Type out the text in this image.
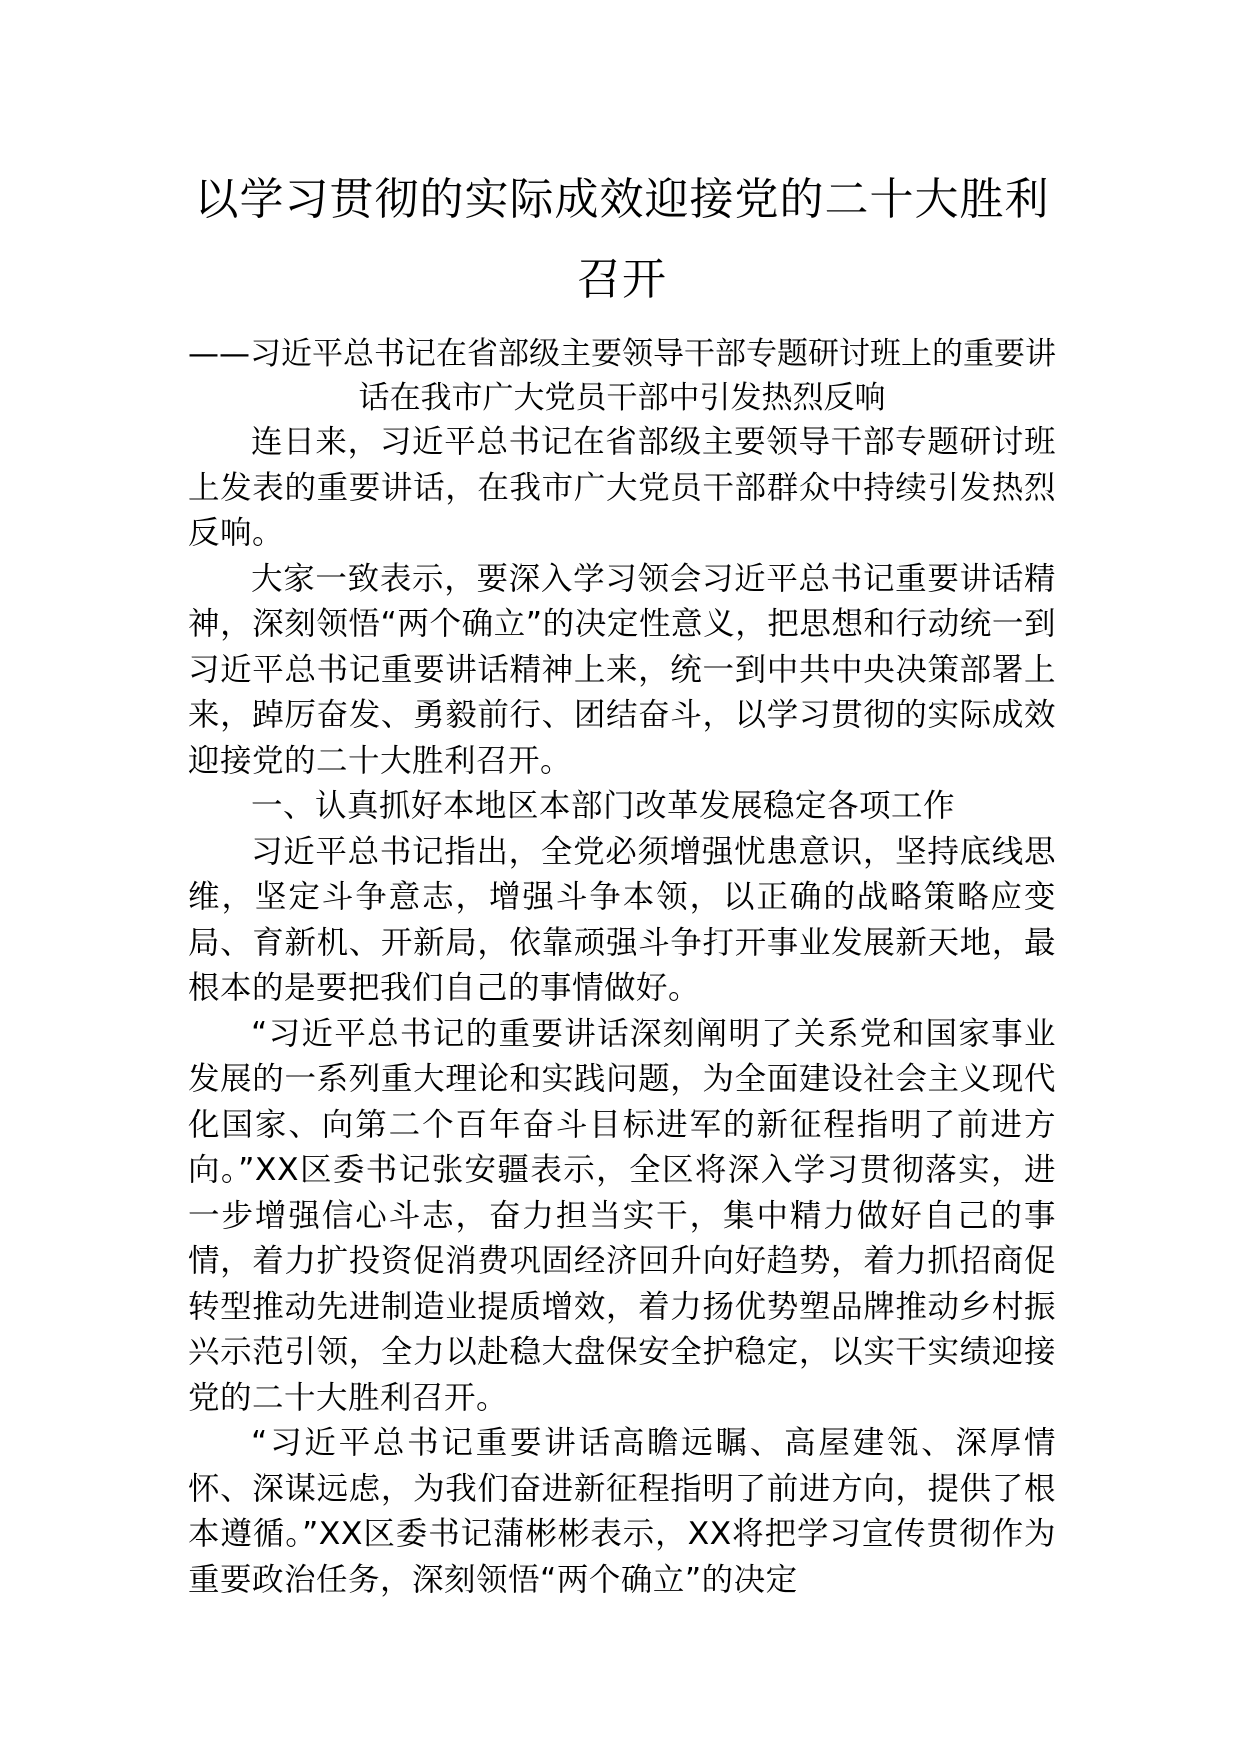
以学习贯彻的实际成效迎接党的二十大胜利召开

——习近平总书记在省部级主要领导干部专题研讨班上的重要讲话在我市广大党员干部中引发热烈反响

连日来，习近平总书记在省部级主要领导干部专题研讨班上发表的重要讲话，在我市广大党员干部群众中持续引发热烈反响。

大家一致表示，要深入学习领会习近平总书记重要讲话精神，深刻领悟“两个确立”的决定性意义，把思想和行动统一到习近平总书记重要讲话精神上来，统一到中共中央决策部署上来，踔厉奋发、勇毅前行、团结奋斗，以学习贯彻的实际成效迎接党的二十大胜利召开。

一、认真抓好本地区本部门改革发展稳定各项工作

习近平总书记指出，全党必须增强忧患意识，坚持底线思维，坚定斗争意志，增强斗争本领，以正确的战略策略应变局、育新机、开新局，依靠顽强斗争打开事业发展新天地，最根本的是要把我们自己的事情做好。

“习近平总书记的重要讲话深刻阐明了关系党和国家事业发展的一系列重大理论和实践问题，为全面建设社会主义现代化国家、向第二个百年奋斗目标进军的新征程指明了前进方向。”XX区委书记张安疆表示，全区将深入学习贯彻落实，进一步增强信心斗志，奋力担当实干，集中精力做好自己的事情，着力扩投资促消费巩固经济回升向好趋势，着力抓招商促转型推动先进制造业提质增效，着力扬优势塑品牌推动乡村振兴示范引领，全力以赴稳大盘保安全护稳定，以实干实绩迎接党的二十大胜利召开。

“习近平总书记重要讲话高瞻远瞩、高屋建瓴、深厚情怀、深谋远虑，为我们奋进新征程指明了前进方向，提供了根本遵循。”XX区委书记蒲彬彬表示，XX将把学习宣传贯彻作为重要政治任务，深刻领悟“两个确立”的决定
